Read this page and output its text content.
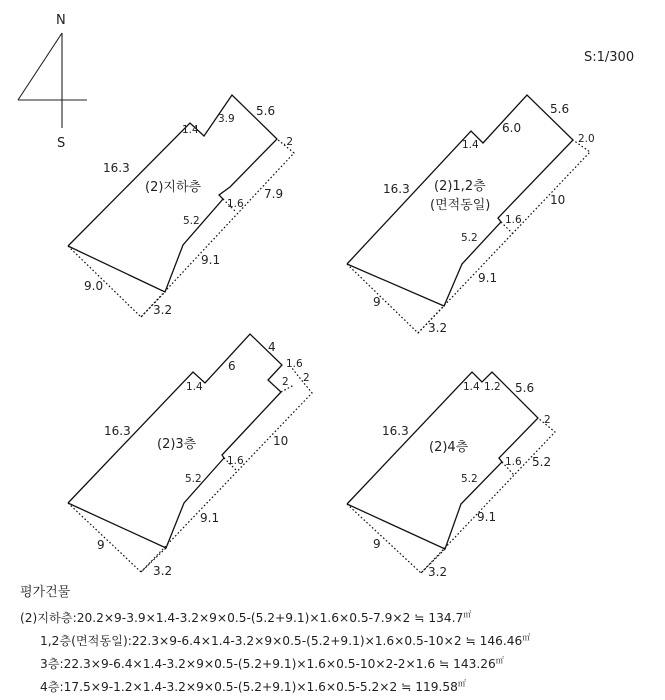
N
S
S:1/300
16.3
1.4
3.9
5.6
.2
7.9
1.6
5.2
9.1
9.0
3.2
(2)지하층	16.3
1.4
6.0
5.6
2.0
10
1.6
5.2
9.1
9
3.2
(2)1,2층
(면적동일)
16.3
1.4
6
4
1.6
2 2
10
1.6
5.2
9.1
9
3.2
(2)3층
16.3
1.4 1.2 5.6
2
5.2
1.6
5.2
9.1
9
3.2
(2)4층
평가건물
(2)지하층:20.2×9-3.9×1.4-3.2×9×0.5-(5.2+9.1)×1.6×0.5-7.9×2 ≒ 134.7㎡
1,2층(면적동일):22.3×9-6.4×1.4-3.2×9×0.5-(5.2+9.1)×1.6×0.5-10×2 ≒ 146.46㎡
3층:22.3×9-6.4×1.4-3.2×9×0.5-(5.2+9.1)×1.6×0.5-10×2-2×1.6 ≒ 143.26㎡
4층:17.5×9-1.2×1.4-3.2×9×0.5-(5.2+9.1)×1.6×0.5-5.2×2 ≒ 119.58㎡
